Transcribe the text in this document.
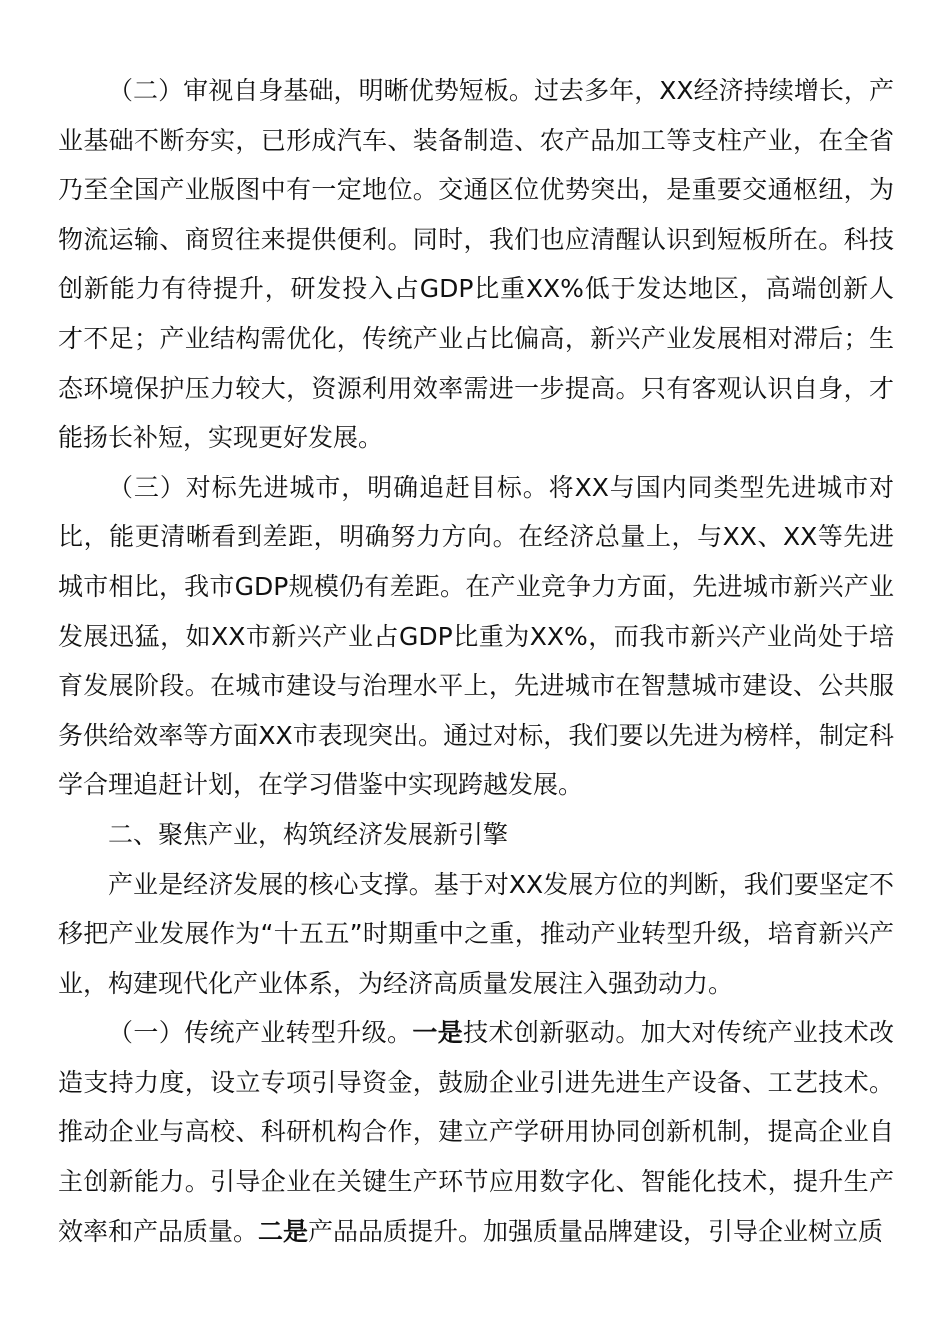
（二）审视自身基础，明晰优势短板。过去多年，XX经济持续增长，产业基础不断夯实，已形成汽车、装备制造、农产品加工等支柱产业，在全省乃至全国产业版图中有一定地位。交通区位优势突出，是重要交通枢纽，为物流运输、商贸往来提供便利。同时，我们也应清醒认识到短板所在。科技创新能力有待提升，研发投入占GDP比重XX%低于发达地区，高端创新人才不足；产业结构需优化，传统产业占比偏高，新兴产业发展相对滞后；生态环境保护压力较大，资源利用效率需进一步提高。只有客观认识自身，才能扬长补短，实现更好发展。

（三）对标先进城市，明确追赶目标。将XX与国内同类型先进城市对比，能更清晰看到差距，明确努力方向。在经济总量上，与XX、XX等先进城市相比，我市GDP规模仍有差距。在产业竞争力方面，先进城市新兴产业发展迅猛，如XX市新兴产业占GDP比重为XX%，而我市新兴产业尚处于培育发展阶段。在城市建设与治理水平上，先进城市在智慧城市建设、公共服务供给效率等方面XX市表现突出。通过对标，我们要以先进为榜样，制定科学合理追赶计划，在学习借鉴中实现跨越发展。

二、聚焦产业，构筑经济发展新引擎

产业是经济发展的核心支撑。基于对XX发展方位的判断，我们要坚定不移把产业发展作为“十五五”时期重中之重，推动产业转型升级，培育新兴产业，构建现代化产业体系，为经济高质量发展注入强劲动力。

（一）传统产业转型升级。一是技术创新驱动。加大对传统产业技术改造支持力度，设立专项引导资金，鼓励企业引进先进生产设备、工艺技术。推动企业与高校、科研机构合作，建立产学研用协同创新机制，提高企业自主创新能力。引导企业在关键生产环节应用数字化、智能化技术，提升生产效率和产品质量。二是产品品质提升。加强质量品牌建设，引导企业树立质
